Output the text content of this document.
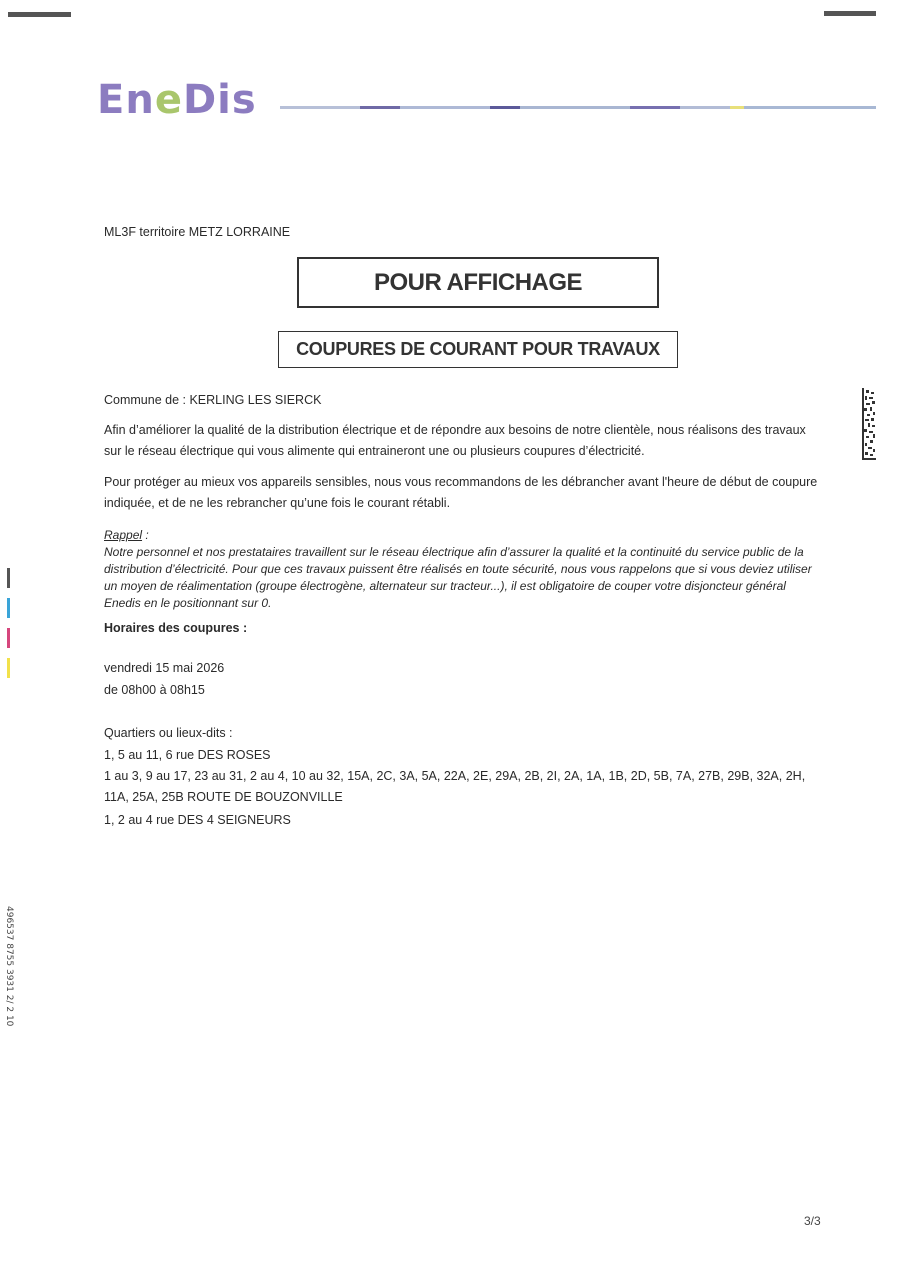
En e Dis
ML3F territoire METZ LORRAINE
POUR AFFICHAGE
COUPURES DE COURANT POUR TRAVAUX
Commune de : KERLING LES SIERCK
Afin d’améliorer la qualité de la distribution électrique et de répondre aux besoins de notre clientèle, nous réalisons des travaux sur le réseau électrique qui vous alimente qui entraineront une ou plusieurs coupures d’électricité.
Pour protéger au mieux vos appareils sensibles, nous vous recommandons de les débrancher avant l'heure de début de coupure indiquée, et de ne les rebrancher qu’une fois le courant rétabli.
Rappel :
Notre personnel et nos prestataires travaillent sur le réseau électrique afin d’assurer la qualité et la continuité du service public de la distribution d’électricité. Pour que ces travaux puissent être réalisés en toute sécurité, nous vous rappelons que si vous deviez utiliser un moyen de réalimentation (groupe électrogène, alternateur sur tracteur...), il est obligatoire de couper votre disjoncteur général Enedis en le positionnant sur 0.
Horaires des coupures :
vendredi 15 mai 2026
de 08h00 à 08h15
Quartiers ou lieux-dits :
1, 5 au 11, 6 rue DES ROSES
1 au 3, 9 au 17, 23 au 31, 2 au 4, 10 au 32, 15A, 2C, 3A, 5A, 22A, 2E, 29A, 2B, 2I, 2A, 1A, 1B, 2D, 5B, 7A, 27B, 29B, 32A, 2H, 11A, 25A, 25B ROUTE DE BOUZONVILLE
1, 2 au 4 rue DES 4 SEIGNEURS
3/3
496537 8755 3931 2/ 2 10
